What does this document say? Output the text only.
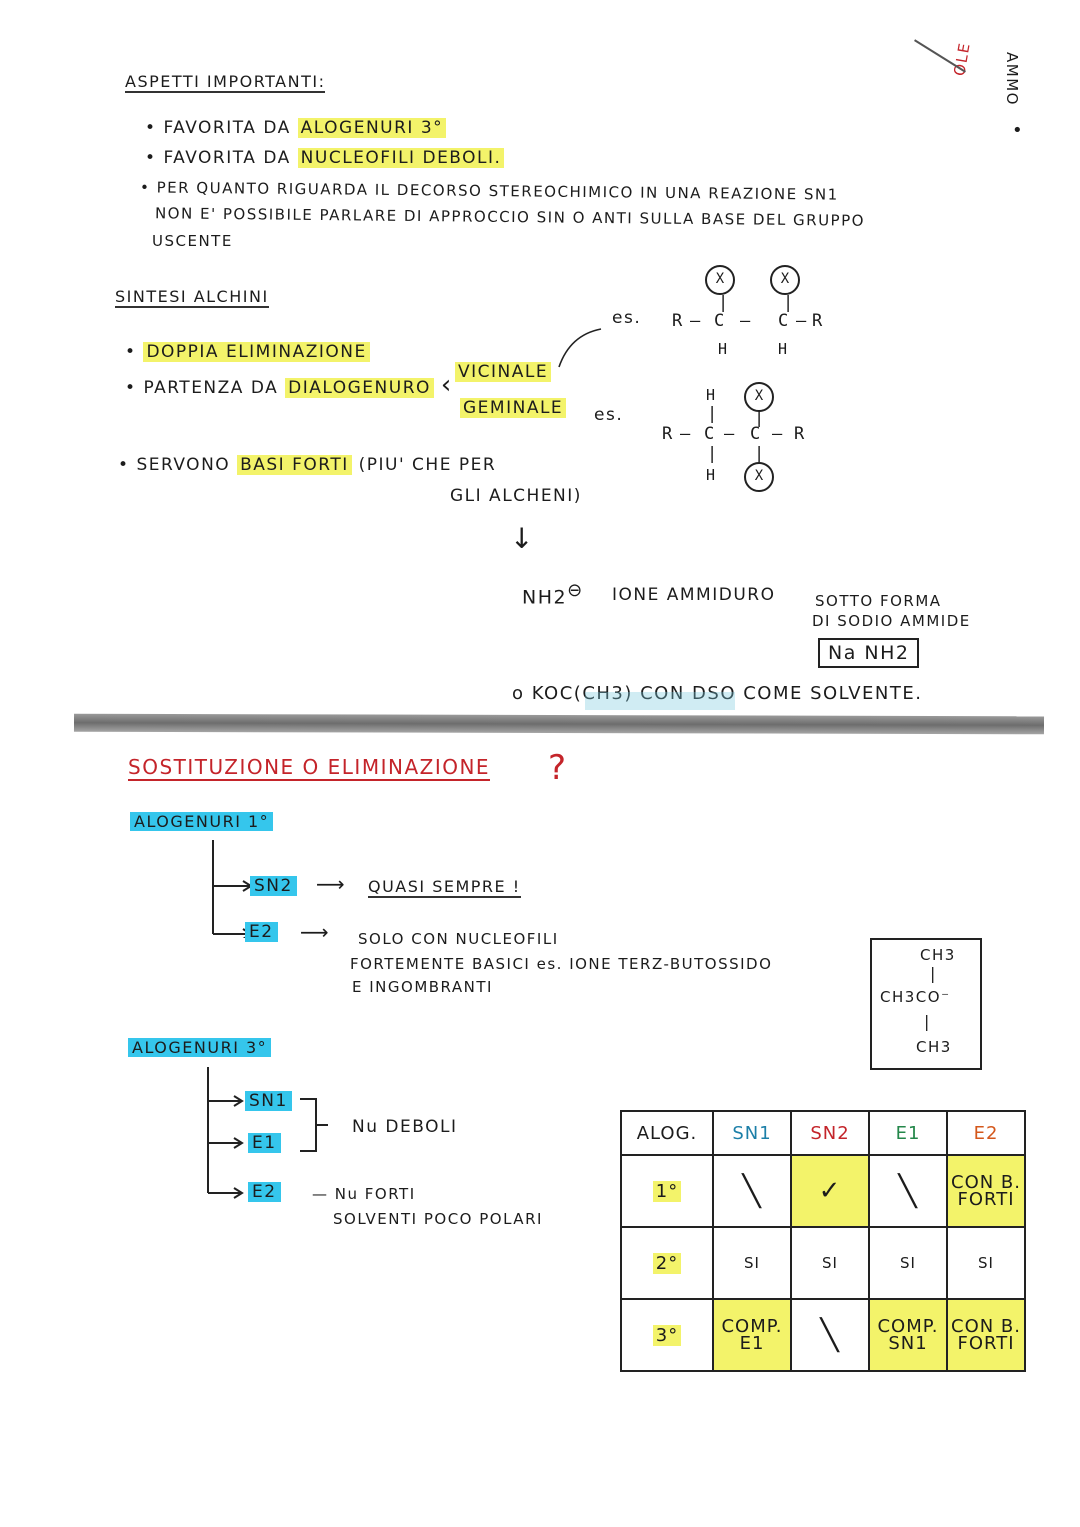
OLE AMMO
•
ASPETTI IMPORTANTI:
• FAVORITA DA ALOGENURI 3°
• FAVORITA DA NUCLEOFILI DEBOLI.
• PER QUANTO RIGUARDA IL DECORSO STEREOCHIMICO IN UNA REAZIONE SN1
NON E' POSSIBILE PARLARE DI APPROCCIO SIN O ANTI SULLA BASE DEL GRUPPO
USCENTE
SINTESI ALCHINI
• DOPPIA ELIMINAZIONE
• PARTENZA DA DIALOGENURO ‹ VICINALE
GEMINALE
es.
es.
X	X
|	|
R – C — C – R
H	H
H	X
| |
R – C – C – R
| |
H	X
• SERVONO BASI FORTI (PIU' CHE PER
GLI ALCHENI)
↓
NH2⊖ IONE AMMIDURO	SOTTO FORMA
DI SODIO AMMIDE
Na NH2
o KOC(CH3) CON DSO COME SOLVENTE.
SOSTITUZIONE O ELIMINAZIONE ?
ALOGENURI 1°
SN2 ⟶ QUASI SEMPRE !
E2 ⟶ SOLO CON NUCLEOFILI
FORTEMENTE BASICI es. IONE TERZ-BUTOSSIDO
E INGOMBRANTI
CH3
|
CH3CO⁻
|
CH3
ALOGENURI 3°
SN1
E1
E2
Nu DEBOLI
— Nu FORTI
SOLVENTI POCO POLARI
ALOG.	SN1	SN2	E1	E2
1°	╲	✓	╲	CON B. FORTI
2°	SI	SI	SI	SI
3°	COMP. E1	╲	COMP. SN1	CON B. FORTI
